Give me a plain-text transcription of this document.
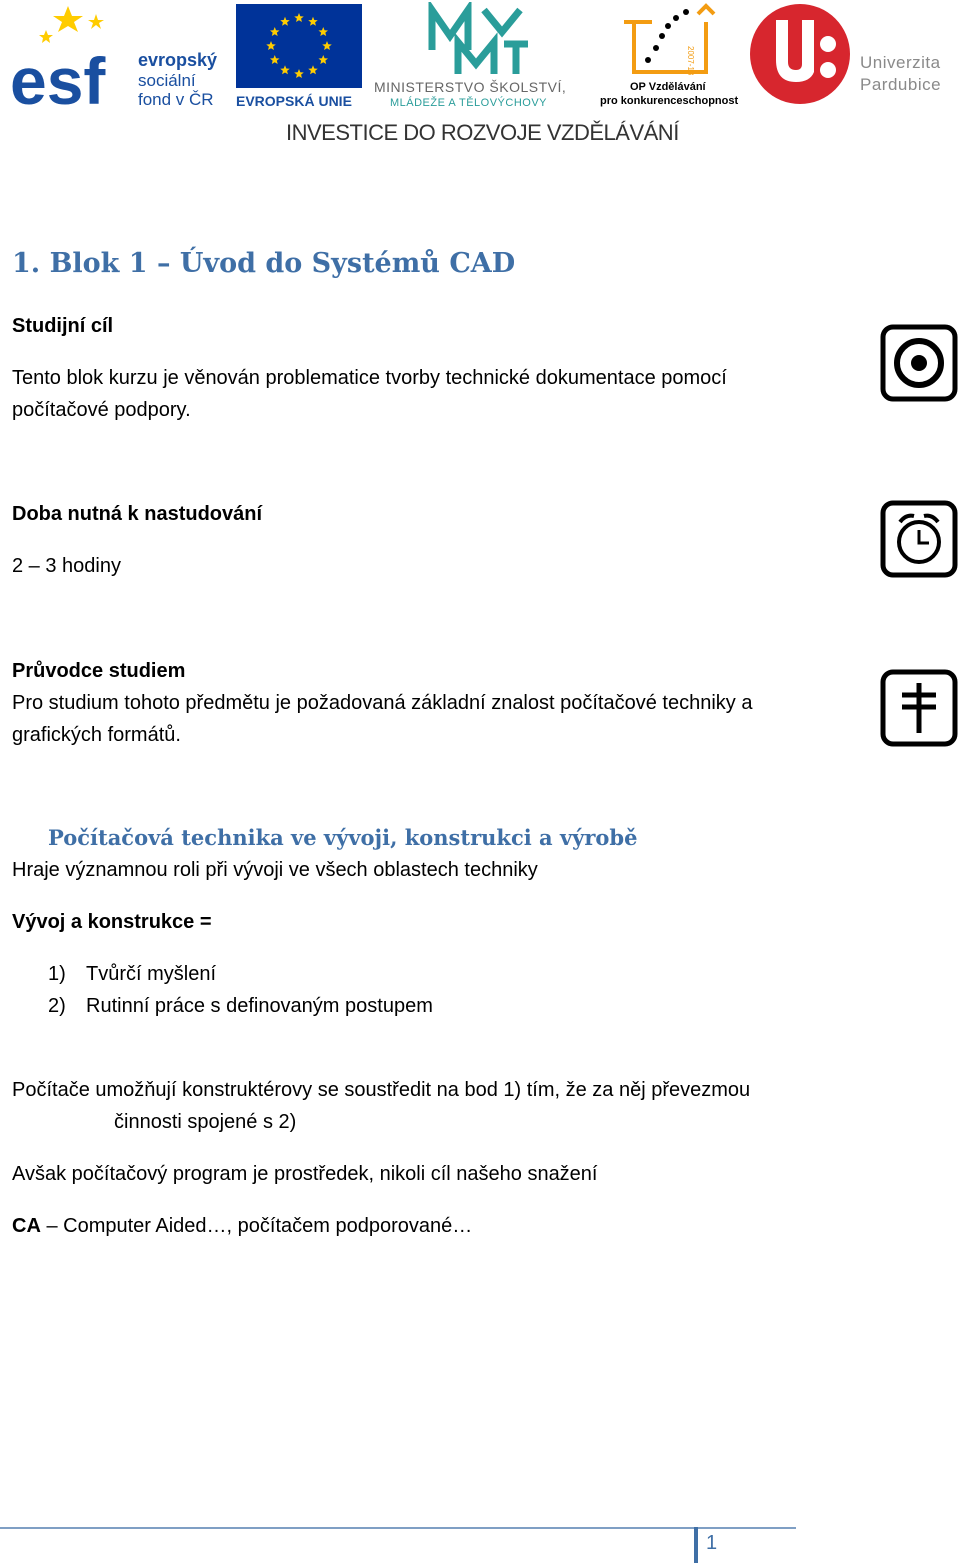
esf evropský
sociální
fond v ČR EVROPSKÁ UNIE
MINISTERSTVO ŠKOLSTVÍ,
MLÁDEŽE A TĚLOVÝCHOVY
2007-13
OP Vzdělávání
pro konkurenceschopnost
Univerzita
Pardubice
INVESTICE DO ROZVOJE VZDĚLÁVÁNÍ
1. Blok 1 – Úvod do Systémů CAD
Studijní cíl
Tento blok kurzu je věnován problematice tvorby technické dokumentace pomocí
počítačové podpory.
Doba nutná k nastudování
2 – 3 hodiny
Průvodce studiem
Pro studium tohoto předmětu je požadovaná základní znalost počítačové techniky a
grafických formátů.
Počítačová technika ve vývoji, konstrukci a výrobě
Hraje významnou roli při vývoji ve všech oblastech techniky
Vývoj a konstrukce =
1) Tvůrčí myšlení
2) Rutinní práce s definovaným postupem
Počítače umožňují konstruktérovy se soustředit na bod 1) tím, že za něj převezmou
činnosti spojené s 2)
Avšak počítačový program je prostředek, nikoli cíl našeho snažení
CA – Computer Aided…, počítačem podporované…
1
